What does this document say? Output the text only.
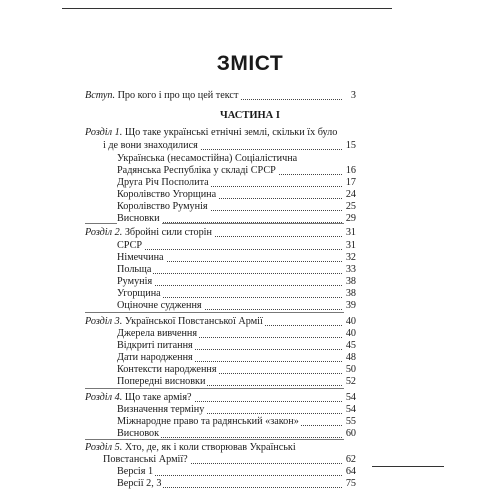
ЗМІСТ
Вступ. Про кого і про що цей текст	3
ЧАСТИНА І
Розділ 1. Що таке українські етнічні землі, скільки їх було
і де вони знаходилися	15
Українська (несамостійна) Соціалістична
Радянська Республіка у складі СРСР	16
Друга Річ Посполита	17
Королівство Угорщина	24
Королівство Румунія	25
Висновки	29
Розділ 2. Збройні сили сторін	31
СРСР	31
Німеччина	32
Польща	33
Румунія	38
Угорщина	38
Оціночне судження	39
Розділ 3. Української Повстанської Армії	40
Джерела вивчення	40
Відкриті питання	45
Дати народження	48
Контексти народження	50
Попередні висновки	52
Розділ 4. Що таке армія?	54
Визначення терміну	54
Міжнародне право та радянський «закон»	55
Висновок	60
Розділ 5. Хто, де, як і коли створював Українські
Повстанські Армії?	62
Версія 1	64
Версії 2, 3	75
